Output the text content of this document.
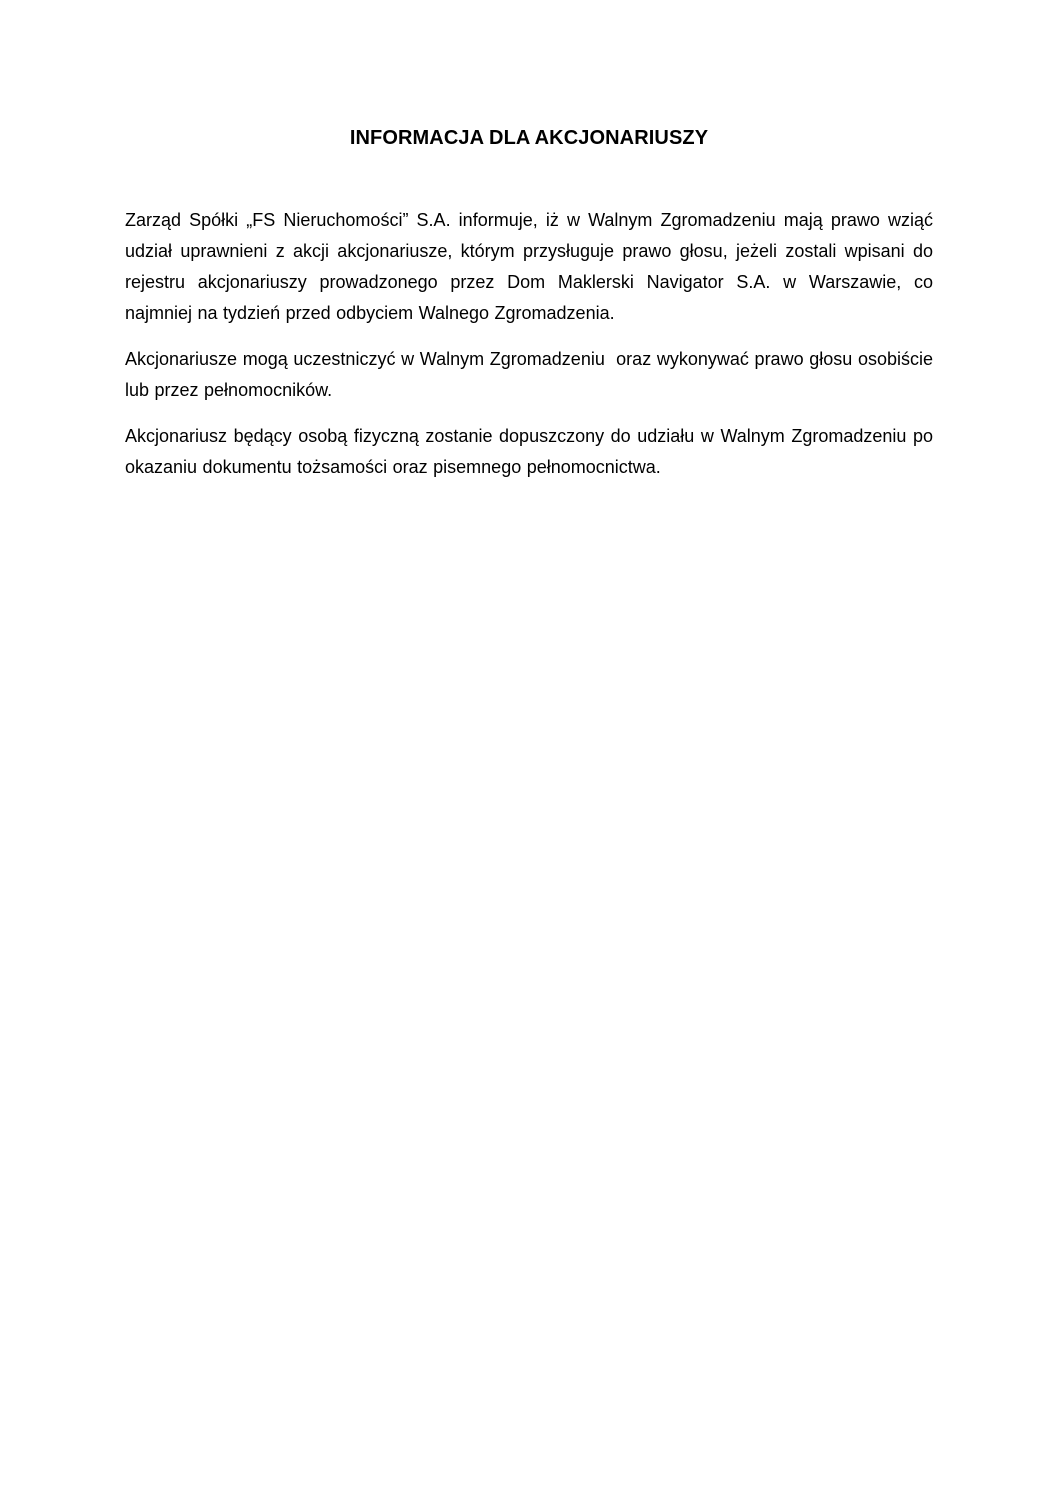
INFORMACJA DLA AKCJONARIUSZY

Zarząd Spółki „FS Nieruchomości” S.A. informuje, iż w Walnym Zgromadzeniu mają prawo wziąć udział uprawnieni z akcji akcjonariusze, którym przysługuje prawo głosu, jeżeli zostali wpisani do rejestru akcjonariuszy prowadzonego przez Dom Maklerski Navigator S.A. w Warszawie, co najmniej na tydzień przed odbyciem Walnego Zgromadzenia.

Akcjonariusze mogą uczestniczyć w Walnym Zgromadzeniu  oraz wykonywać prawo głosu osobiście lub przez pełnomocników.

Akcjonariusz będący osobą fizyczną zostanie dopuszczony do udziału w Walnym Zgromadzeniu po okazaniu dokumentu tożsamości oraz pisemnego pełnomocnictwa.
